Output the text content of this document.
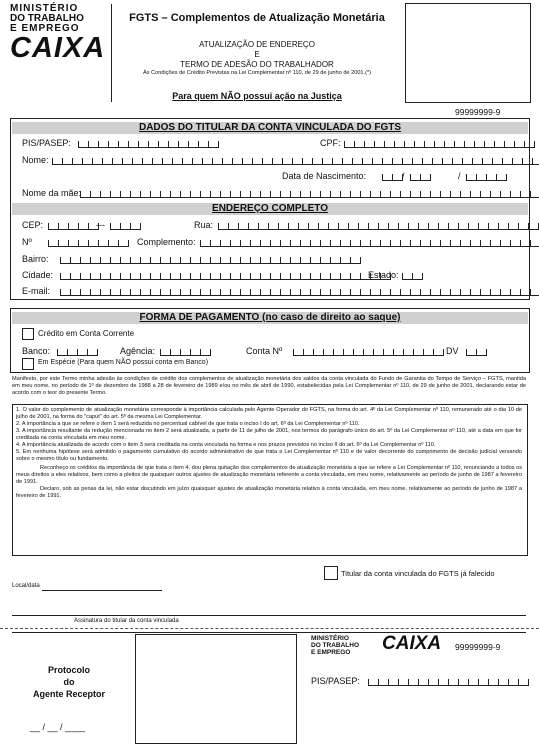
MINISTÉRIO
DO TRABALHO
E EMPREGO
CAIXA
FGTS – Complementos de Atualização Monetária
ATUALIZAÇÃO DE ENDEREÇO
E
TERMO DE ADESÃO DO TRABALHADOR
Às Condições de Crédito Previstas na Lei Complementar nº 110, de 29 de junho de 2001.(*)
Para quem NÃO possui ação na Justiça
99999999-9
DADOS DO TITULAR DA CONTA VINCULADA DO FGTS
PIS/PASEP:	CPF:
Nome:
Data de Nascimento:	/	/
Nome da mãe:
ENDEREÇO COMPLETO
CEP:	---	Rua:
Nº	Complemento:
Bairro:
Cidade:	Estado:
E-mail:
FORMA DE PAGAMENTO (no caso de direito ao saque)
Crédito em Conta Corrente
Banco:	Agência:	Conta Nº	DV
Em Espécie (Para quem NÃO possui conta em Banco)
Manifesto, por este Termo minha adesão às condições de crédito dos complementos de atualização monetária dos saldos da conta vinculada do Fundo de Garantia do Tempo de Serviço – FGTS, mantida em meu nome, no período de 1º de dezembro de 1988 a 28 de fevereiro de 1989 e/ou no mês de abril de 1990, estabelecidas pela Lei Complementar nº 110, de 29 de junho de 2001, declarando estar de acordo com o teor do presente Termo.
1. O valor do complemento de atualização monetária corresponde à importância calculada pelo Agente Operador do FGTS, na forma do art. 4º da Lei Complementar nº 110, remunerado até o dia 10 de julho de 2001, na forma do "caput" do art. 5º da mesma Lei Complementar.
2. A importância a que se refere o item 1 será reduzida no percentual cabível de que trata o inciso I do art. 6º da Lei Complementar nº 110.
3. A importância resultante da redução mencionada no item 2 será atualizada, a partir de 11 de julho de 2001, nos termos do parágrafo único do art. 5º da Lei Complementar nº 110, até a data em que for creditada na conta vinculada em meu nome.
4. A importância atualizada de acordo com o item 3 será creditada na conta vinculada na forma e nos prazos previstos no inciso II do art. 6º da Lei Complementar nº 110.
5. Em nenhuma hipótese será admitido o pagamento cumulativo do acordo administrativo de que trata a Lei Complementar nº 110 e de valor decorrente do cumprimento de decisão judicial versando sobre o mesmo título ou fundamento.
Reconheço os créditos da importância de que trata o item 4, dou plena quitação dos complementos de atualização monetária a que se refere a Lei Complementar nº 110, renunciando a todos os meus direitos a eles relativos, bem como a pleitos de quaisquer outros ajustes de atualização monetária referente a conta vinculada, em meu nome, relativamente ao período de junho de 1987 a fevereiro de 1991.
Declaro, sob as penas da lei, não estar discutindo em juízo quaisquer ajustes de atualização monetária relativo à conta vinculada, em meu nome, relativamente ao período de junho de 1987 a fevereiro de 1991.
Titular da conta vinculada do FGTS já falecido
Local/data
Assinatura do titular da conta vinculada
Protocolo
do
Agente Receptor
__ / __ / ____
MINISTÉRIO
DO TRABALHO
E EMPREGO	CAIXA 99999999-9
PIS/PASEP:
